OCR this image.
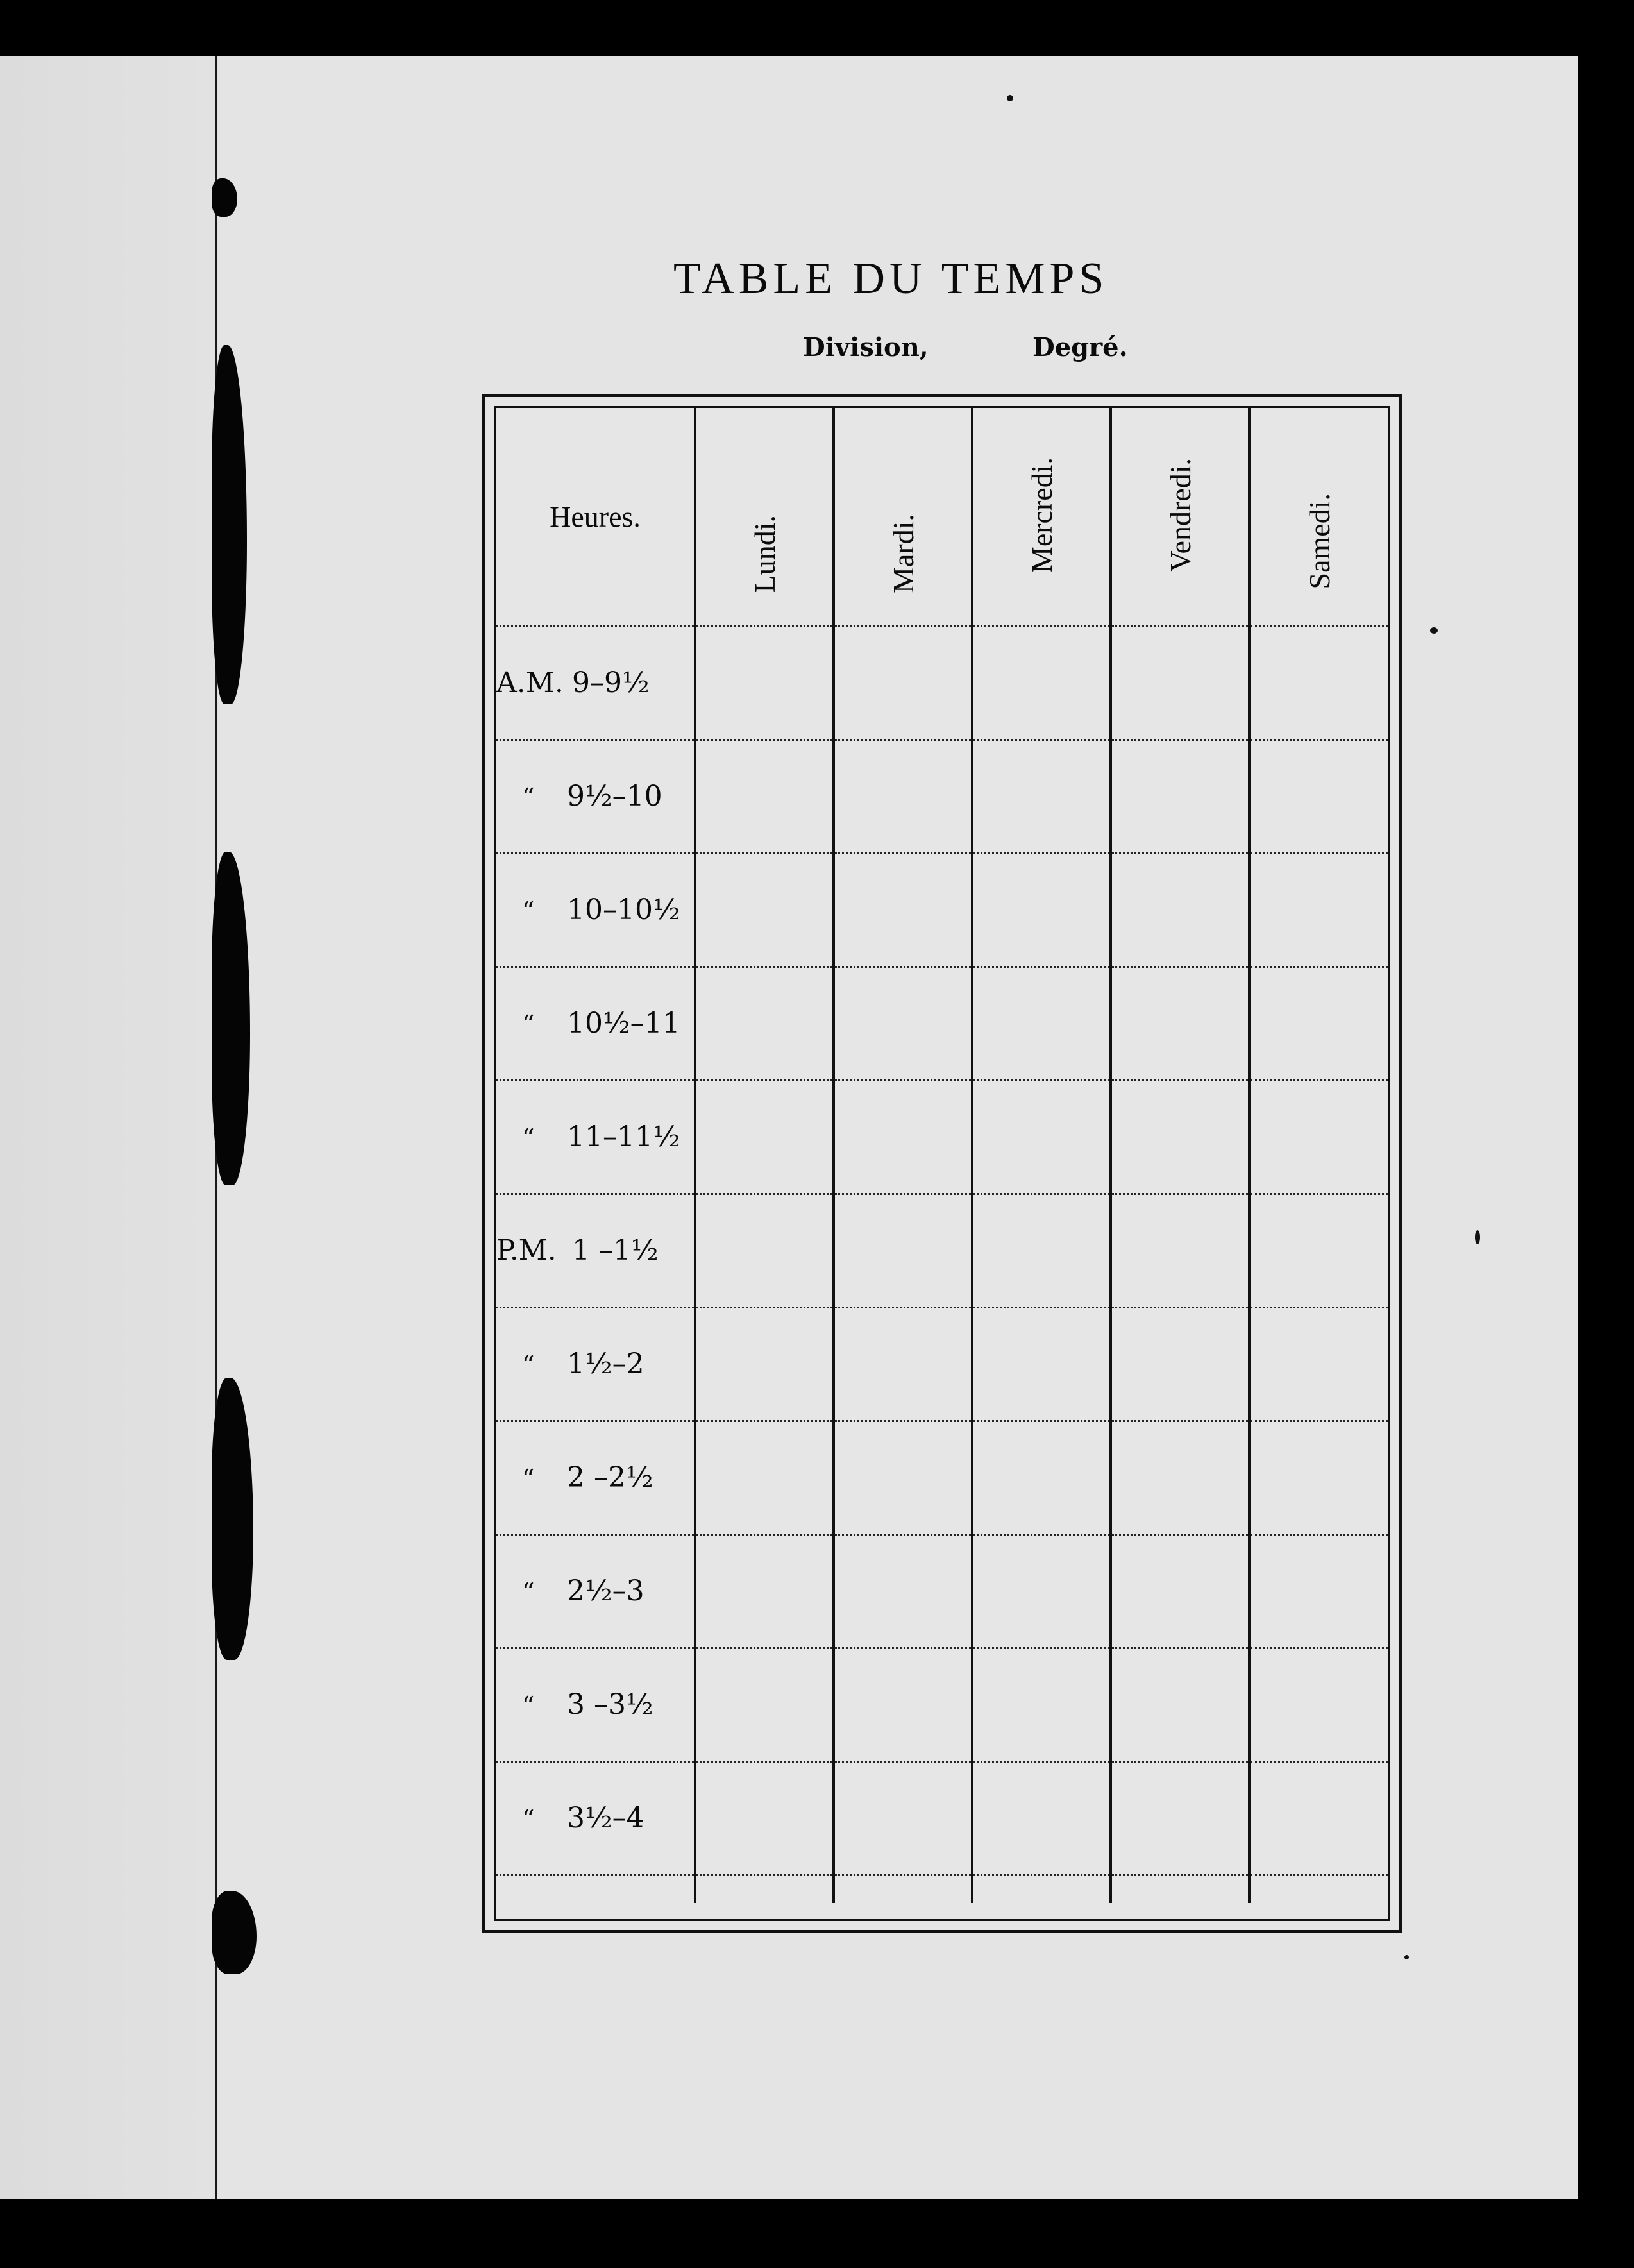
TABLE DU TEMPS
Division,	Degré.
Heures.	Lundi.	Mardi.	Mercredi.	Vendredi.	Samedi.
A.M. 9–9½					
“ 9½–10					
“ 10–10½					
“ 10½–11					
“ 11–11½					
P.M. 1 –1½					
“ 1½–2					
“ 2 –2½					
“ 2½–3					
“ 3 –3½					
“ 3½–4					
